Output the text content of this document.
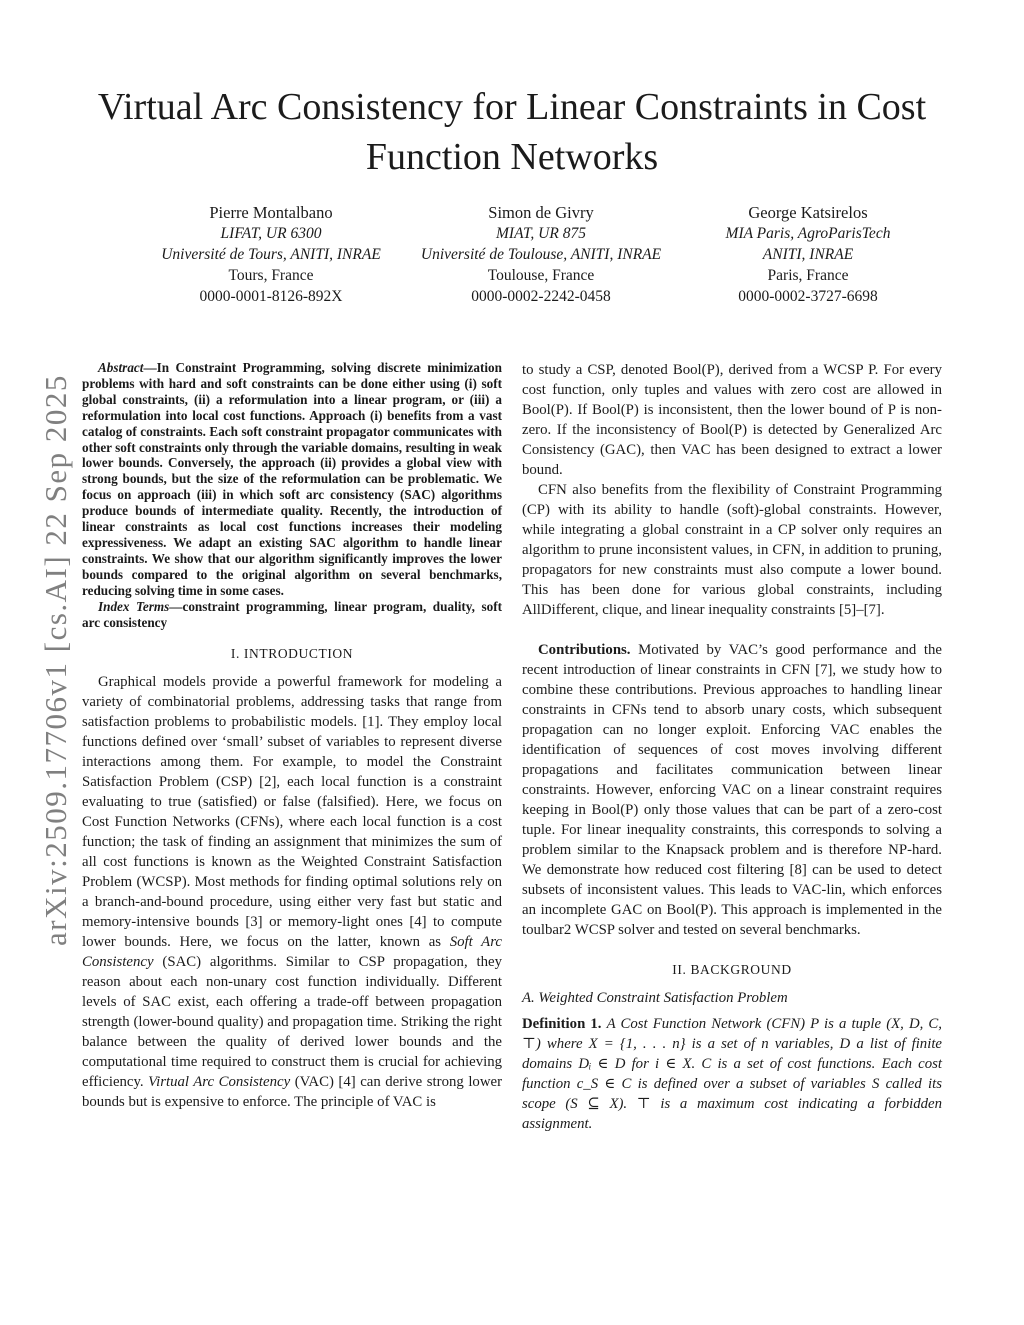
arXiv:2509.17706v1 [cs.AI] 22 Sep 2025
Virtual Arc Consistency for Linear Constraints in Cost Function Networks
Pierre Montalbano
LIFAT, UR 6300
Université de Tours, ANITI, INRAE
Tours, France
0000-0001-8126-892X
Simon de Givry
MIAT, UR 875
Université de Toulouse, ANITI, INRAE
Toulouse, France
0000-0002-2242-0458
George Katsirelos
MIA Paris, AgroParisTech
ANITI, INRAE
Paris, France
0000-0002-3727-6698

Abstract—In Constraint Programming, solving discrete minimization problems with hard and soft constraints can be done either using (i) soft global constraints, (ii) a reformulation into a linear program, or (iii) a reformulation into local cost functions. Approach (i) benefits from a vast catalog of constraints. Each soft constraint propagator communicates with other soft constraints only through the variable domains, resulting in weak lower bounds. Conversely, the approach (ii) provides a global view with strong bounds, but the size of the reformulation can be problematic. We focus on approach (iii) in which soft arc consistency (SAC) algorithms produce bounds of intermediate quality. Recently, the introduction of linear constraints as local cost functions increases their modeling expressiveness. We adapt an existing SAC algorithm to handle linear constraints. We show that our algorithm significantly improves the lower bounds compared to the original algorithm on several benchmarks, reducing solving time in some cases.

Index Terms—constraint programming, linear program, duality, soft arc consistency

I. INTRODUCTION

Graphical models provide a powerful framework for modeling a variety of combinatorial problems, addressing tasks that range from satisfaction problems to probabilistic models. [1]. They employ local functions defined over ‘small’ subset of variables to represent diverse interactions among them. For example, to model the Constraint Satisfaction Problem (CSP) [2], each local function is a constraint evaluating to true (satisfied) or false (falsified). Here, we focus on Cost Function Networks (CFNs), where each local function is a cost function; the task of finding an assignment that minimizes the sum of all cost functions is known as the Weighted Constraint Satisfaction Problem (WCSP). Most methods for finding optimal solutions rely on a branch-and-bound procedure, using either very fast but static and memory-intensive bounds [3] or memory-light ones [4] to compute lower bounds. Here, we focus on the latter, known as Soft Arc Consistency (SAC) algorithms. Similar to CSP propagation, they reason about each non-unary cost function individually. Different levels of SAC exist, each offering a trade-off between propagation strength (lower-bound quality) and propagation time. Striking the right balance between the quality of derived lower bounds and the computational time required to construct them is crucial for achieving efficiency. Virtual Arc Consistency (VAC) [4] can derive strong lower bounds but is expensive to enforce. The principle of VAC is

to study a CSP, denoted Bool(P), derived from a WCSP P. For every cost function, only tuples and values with zero cost are allowed in Bool(P). If Bool(P) is inconsistent, then the lower bound of P is non-zero. If the inconsistency of Bool(P) is detected by Generalized Arc Consistency (GAC), then VAC has been designed to extract a lower bound.

CFN also benefits from the flexibility of Constraint Programming (CP) with its ability to handle (soft)-global constraints. However, while integrating a global constraint in a CP solver only requires an algorithm to prune inconsistent values, in CFN, in addition to pruning, propagators for new constraints must also compute a lower bound. This has been done for various global constraints, including AllDifferent, clique, and linear inequality constraints [5]–[7].

Contributions. Motivated by VAC’s good performance and the recent introduction of linear constraints in CFN [7], we study how to combine these contributions. Previous approaches to handling linear constraints in CFNs tend to absorb unary costs, which subsequent propagation can no longer exploit. Enforcing VAC enables the identification of sequences of cost moves involving different propagations and facilitates communication between linear constraints. However, enforcing VAC on a linear constraint requires keeping in Bool(P) only those values that can be part of a zero-cost tuple. For linear inequality constraints, this corresponds to solving a problem similar to the Knapsack problem and is therefore NP-hard. We demonstrate how reduced cost filtering [8] can be used to detect subsets of inconsistent values. This leads to VAC-lin, which enforces an incomplete GAC on Bool(P). This approach is implemented in the toulbar2 WCSP solver and tested on several benchmarks.

II. BACKGROUND
A. Weighted Constraint Satisfaction Problem

Definition 1. A Cost Function Network (CFN) P is a tuple (X, D, C, ⊤) where X = {1, . . . n} is a set of n variables, D a list of finite domains Dᵢ ∈ D for i ∈ X. C is a set of cost functions. Each cost function c_S ∈ C is defined over a subset of variables S called its scope (S ⊆ X). ⊤ is a maximum cost indicating a forbidden assignment.
